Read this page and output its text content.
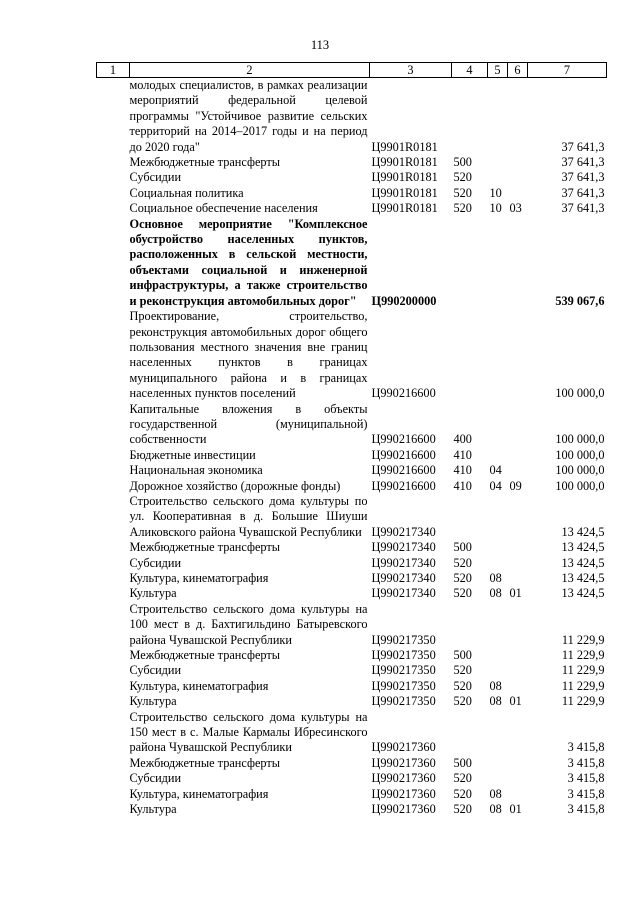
113
1	2	3	4	5	6	7
	молодых специалистов, в рамках реализации мероприятий федеральной целевой программы "Устойчивое развитие сельских территорий на 2014–2017 годы и на период до 2020 года"	Ц9901R0181				37 641,3
	Межбюджетные трансферты	Ц9901R0181	500			37 641,3
	Субсидии	Ц9901R0181	520			37 641,3
	Социальная политика	Ц9901R0181	520	10		37 641,3
	Социальное обеспечение населения	Ц9901R0181	520	10	03	37 641,3
	Основное мероприятие "Комплексное обустройство населенных пунктов, расположенных в сельской местности, объектами социальной и инженерной инфраструктуры, а также строительство и реконструкция автомобильных дорог"	Ц990200000				539 067,6
	Проектирование, строительство, реконструкция автомобильных дорог общего пользования местного значения вне границ населенных пунктов в границах муниципального района и в границах населенных пунктов поселений	Ц990216600				100 000,0
	Капитальные вложения в объекты государственной (муниципальной) собственности	Ц990216600	400			100 000,0
	Бюджетные инвестиции	Ц990216600	410			100 000,0
	Национальная экономика	Ц990216600	410	04		100 000,0
	Дорожное хозяйство (дорожные фонды)	Ц990216600	410	04	09	100 000,0
	Строительство сельского дома культуры по ул. Кооперативная в д. Большие Шиуши Аликовского района Чувашской Республики	Ц990217340				13 424,5
	Межбюджетные трансферты	Ц990217340	500			13 424,5
	Субсидии	Ц990217340	520			13 424,5
	Культура, кинематография	Ц990217340	520	08		13 424,5
	Культура	Ц990217340	520	08	01	13 424,5
	Строительство сельского дома культуры на 100 мест в д. Бахтигильдино Батыревского района Чувашской Республики	Ц990217350				11 229,9
	Межбюджетные трансферты	Ц990217350	500			11 229,9
	Субсидии	Ц990217350	520			11 229,9
	Культура, кинематография	Ц990217350	520	08		11 229,9
	Культура	Ц990217350	520	08	01	11 229,9
	Строительство сельского дома культуры на 150 мест в с. Малые Кармалы Ибресинского района Чувашской Республики	Ц990217360				3 415,8
	Межбюджетные трансферты	Ц990217360	500			3 415,8
	Субсидии	Ц990217360	520			3 415,8
	Культура, кинематография	Ц990217360	520	08		3 415,8
	Культура	Ц990217360	520	08	01	3 415,8
